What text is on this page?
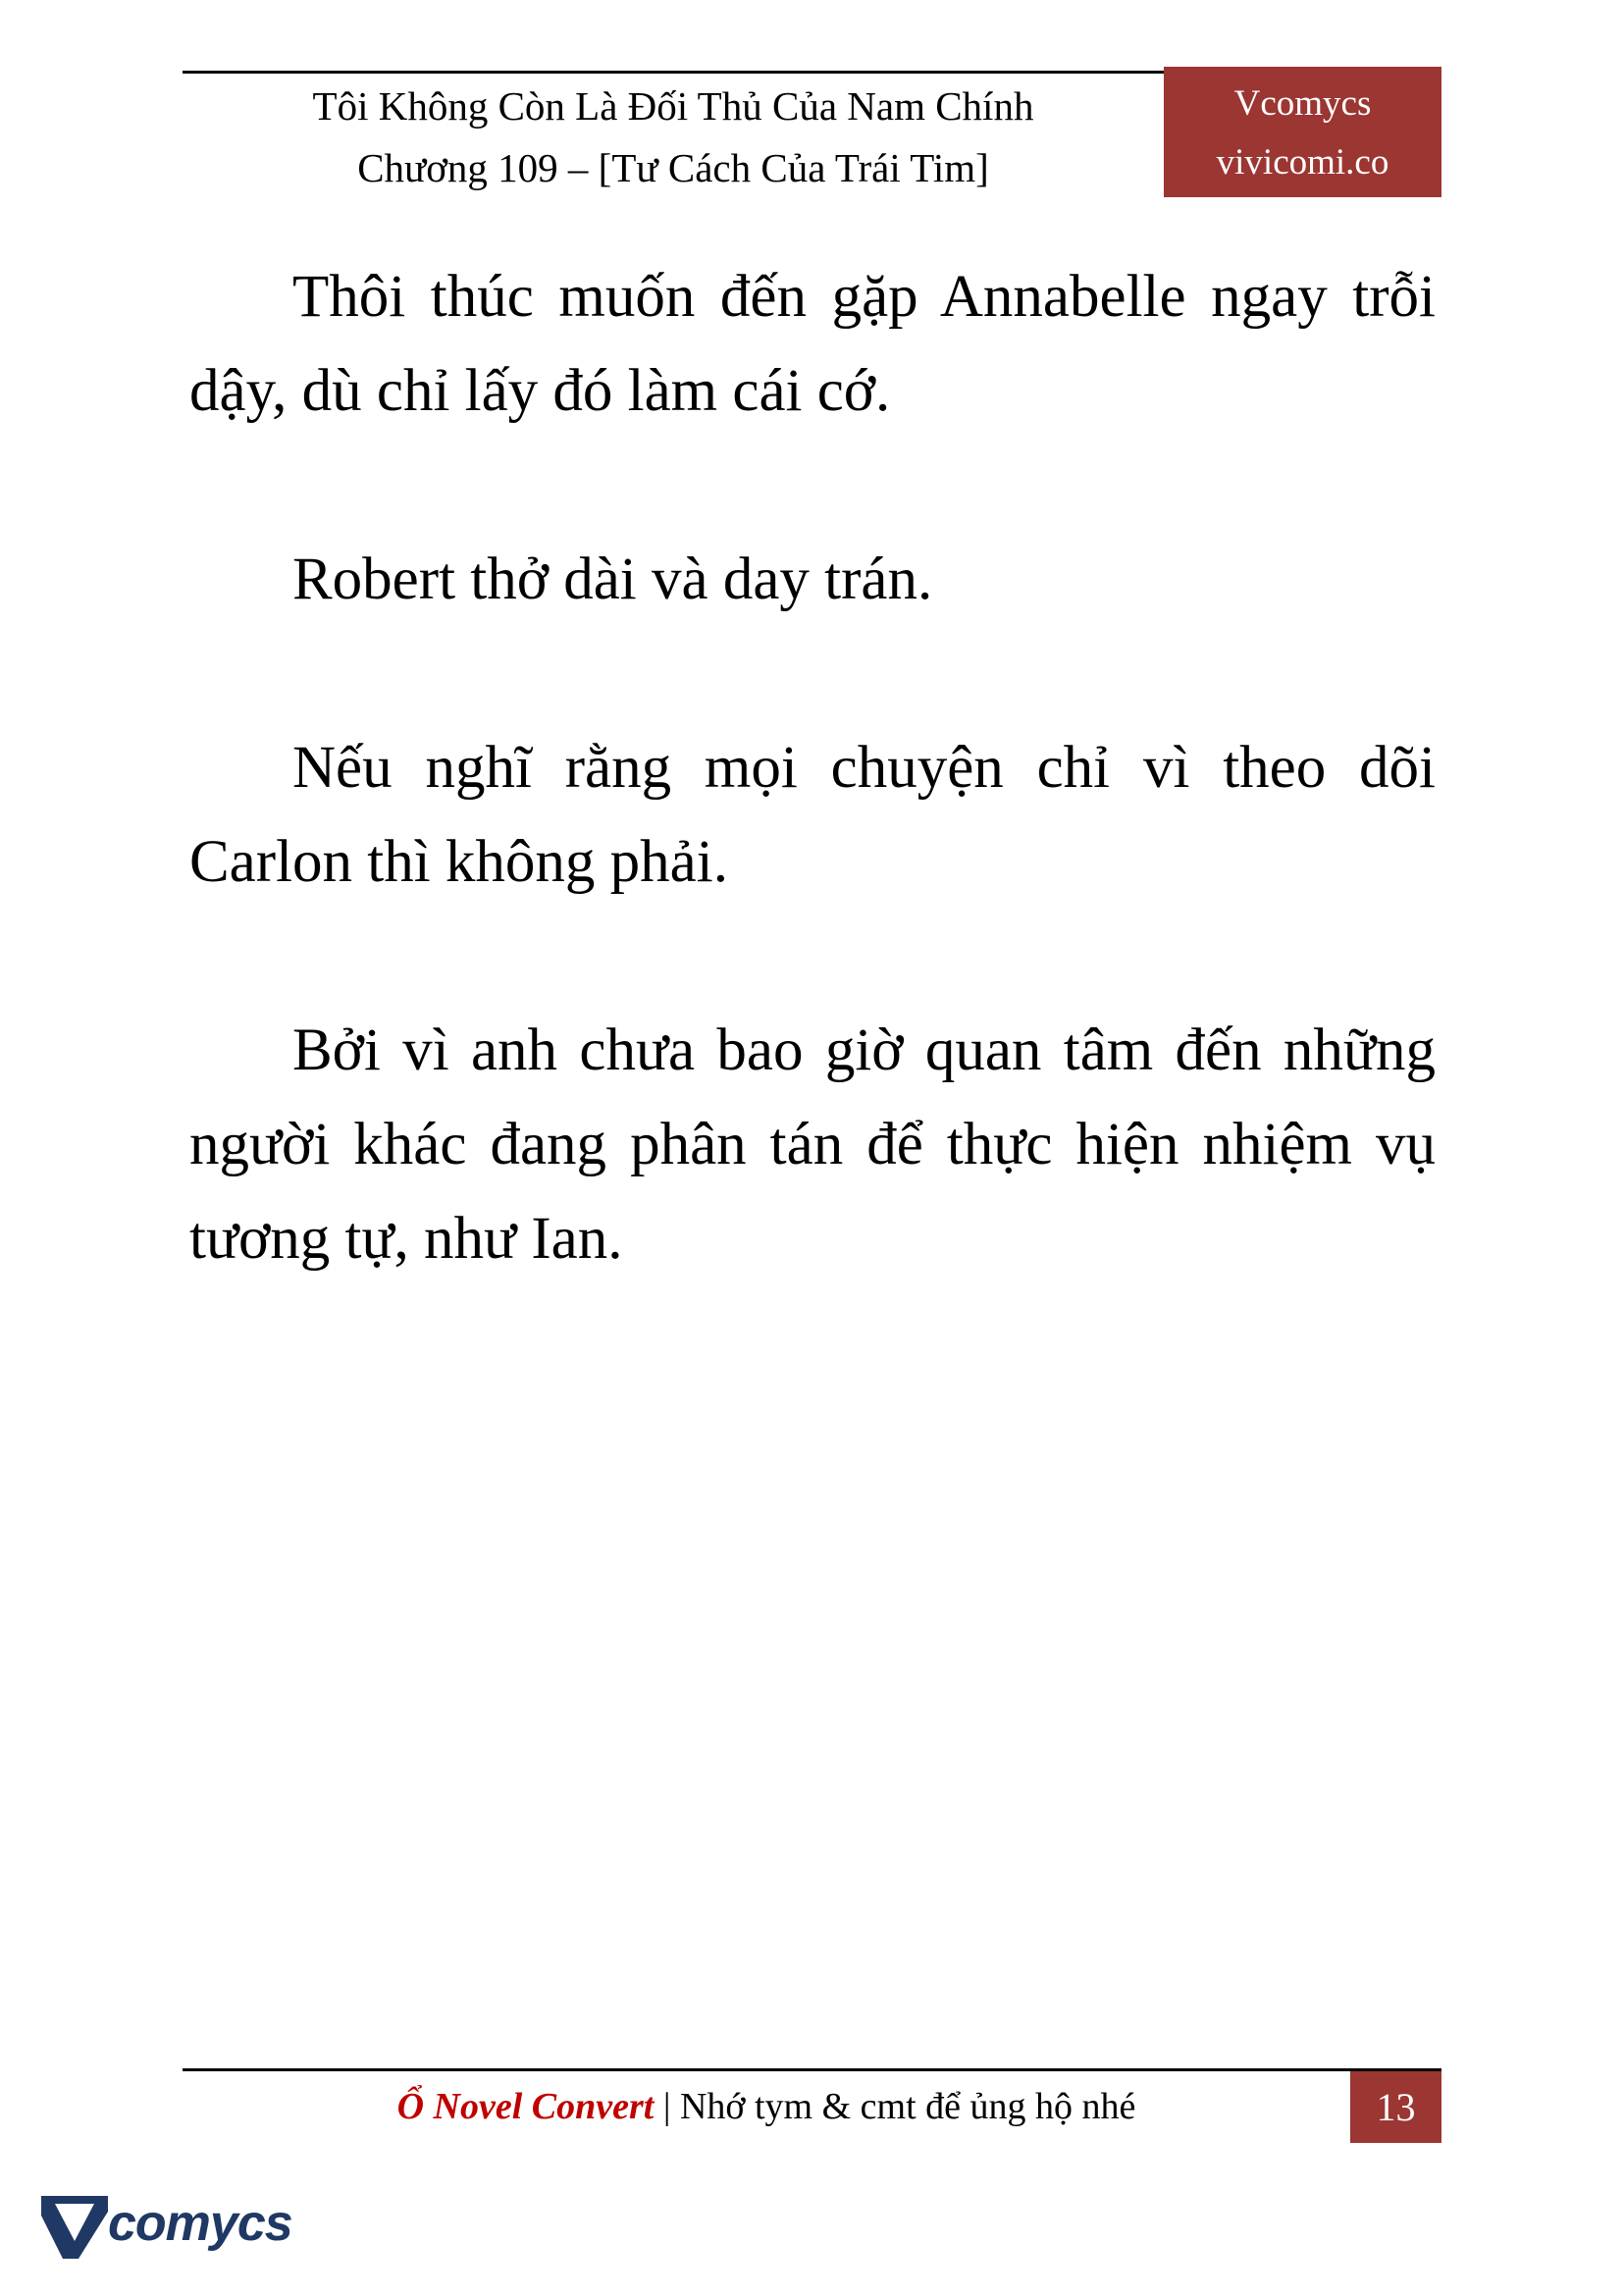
Tôi Không Còn Là Đối Thủ Của Nam Chính
Chương 109 – [Tư Cách Của Trái Tim]
Vcomycs
vivicomi.co

Thôi thúc muốn đến gặp Annabelle ngay trỗi dậy, dù chỉ lấy đó làm cái cớ.

Robert thở dài và day trán.

Nếu nghĩ rằng mọi chuyện chỉ vì theo dõi Carlon thì không phải.

Bởi vì anh chưa bao giờ quan tâm đến những người khác đang phân tán để thực hiện nhiệm vụ tương tự, như Ian.

Ổ Novel Convert | Nhớ tym & cmt để ủng hộ nhé	13
comycs
